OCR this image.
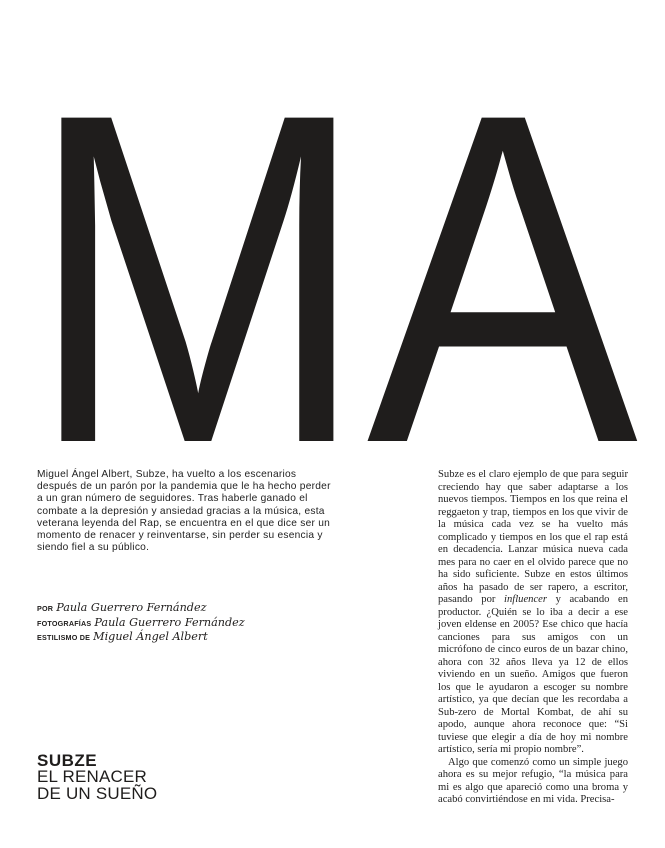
MA
Miguel Ángel Albert, Subze, ha vuelto a los escenarios después de un parón por la pandemia que le ha hecho perder a un gran número de seguidores. Tras haberle ganado el combate a la depresión y ansiedad gracias a la música, esta veterana leyenda del Rap, se encuentra en el que dice ser un momento de renacer y reinventarse, sin perder su esencia y siendo fiel a su público.
POR Paula Guerrero Fernández
FOTOGRAFÍAS Paula Guerrero Fernández
ESTILISMO DE Miguel Ángel Albert
SUBZE
EL RENACER
DE UN SUEÑO

Subze es el claro ejemplo de que para seguir creciendo hay que saber adaptarse a los nuevos tiempos. Tiempos en los que reina el reggaeton y trap, tiempos en los que vivir de la música cada vez se ha vuelto más complicado y tiempos en los que el rap está en decadencia. Lanzar música nueva cada mes para no caer en el olvido parece que no ha sido suficiente. Subze en estos últimos años ha pasado de ser rapero, a escritor, pasando por influencer y acabando en productor. ¿Quién se lo iba a decir a ese joven eldense en 2005? Ese chico que hacía canciones para sus amigos con un micrófono de cinco euros de un bazar chino, ahora con 32 años lleva ya 12 de ellos viviendo en un sueño. Amigos que fueron los que le ayudaron a escoger su nombre artístico, ya que decían que les recordaba a Sub-zero de Mortal Kombat, de ahí su apodo, aunque ahora reconoce que: “Si tuviese que elegir a día de hoy mi nombre artístico, sería mi propio nombre”.

Algo que comenzó como un simple juego ahora es su mejor refugio, “la música para mi es algo que apareció como una broma y acabó convirtiéndose en mi vida. Precisa-
